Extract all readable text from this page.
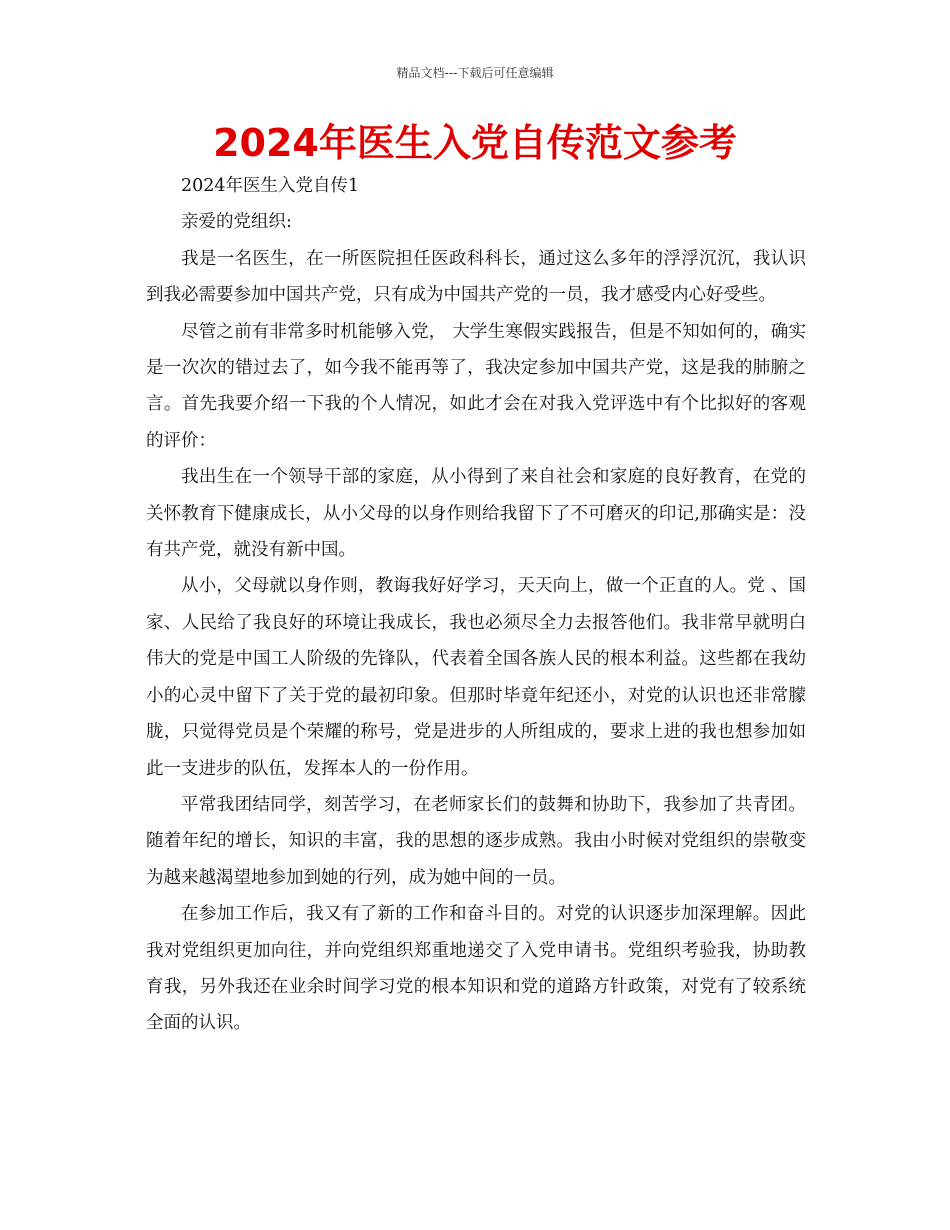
精品文档---下载后可任意编辑
2024年医生入党自传范文参考

2024年医生入党自传1

亲爱的党组织:

我是一名医生，在一所医院担任医政科科长，通过这么多年的浮浮沉沉，我认识到我必需要参加中国共产党，只有成为中国共产党的一员，我才感受内心好受些。

尽管之前有非常多时机能够入党， 大学生寒假实践报告，但是不知如何的，确实是一次次的错过去了，如今我不能再等了，我决定参加中国共产党，这是我的肺腑之言。首先我要介绍一下我的个人情况，如此才会在对我入党评选中有个比拟好的客观的评价：

我出生在一个领导干部的家庭，从小得到了来自社会和家庭的良好教育，在党的关怀教育下健康成长，从小父母的以身作则给我留下了不可磨灭的印记,那确实是：没有共产党，就没有新中国。

从小，父母就以身作则，教诲我好好学习，天天向上，做一个正直的人。党 、国家、人民给了我良好的环境让我成长，我也必须尽全力去报答他们。我非常早就明白伟大的党是中国工人阶级的先锋队，代表着全国各族人民的根本利益。这些都在我幼小的心灵中留下了关于党的最初印象。但那时毕竟年纪还小，对党的认识也还非常朦胧，只觉得党员是个荣耀的称号，党是进步的人所组成的，要求上进的我也想参加如此一支进步的队伍，发挥本人的一份作用。

平常我团结同学，刻苦学习，在老师家长们的鼓舞和协助下，我参加了共青团。随着年纪的增长，知识的丰富，我的思想的逐步成熟。我由小时候对党组织的崇敬变为越来越渴望地参加到她的行列，成为她中间的一员。

在参加工作后，我又有了新的工作和奋斗目的。对党的认识逐步加深理解。因此我对党组织更加向往，并向党组织郑重地递交了入党申请书。党组织考验我，协助教育我，另外我还在业余时间学习党的根本知识和党的道路方针政策，对党有了较系统全面的认识。
